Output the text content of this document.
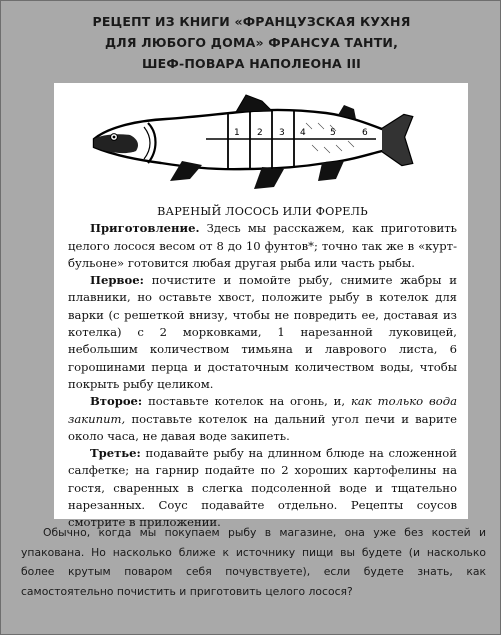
РЕЦЕПТ ИЗ КНИГИ «ФРАНЦУЗСКАЯ КУХНЯ
ДЛЯ ЛЮБОГО ДОМА» ФРАНСУА ТАНТИ,
ШЕФ-ПОВАРА НАПОЛЕОНА III
1 2 3 4	5	6

ВАРЕНЫЙ ЛОСОСЬ ИЛИ ФОРЕЛЬ

Приготовление. Здесь мы расскажем, как приготовить целого лосося весом от 8 до 10 фунтов*; точно так же в «курт-бульоне» готовится любая другая рыба или часть рыбы.

Первое: почистите и помойте рыбу, снимите жабры и плавники, но оставьте хвост, положите рыбу в котелок для варки (с решеткой внизу, чтобы не повредить ее, доставая из котелка) с 2 морковками, 1 нарезанной луковицей, небольшим количеством тимьяна и лаврового листа, 6 горошинами перца и достаточным количеством воды, чтобы покрыть рыбу целиком.

Второе: поставьте котелок на огонь, и, как только вода закипит, поставьте котелок на дальний угол печи и варите около часа, не давая воде закипеть.

Третье: подавайте рыбу на длинном блюде на сложенной салфетке; на гарнир подайте по 2 хороших картофелины на гостя, сваренных в слегка подсоленной воде и тщательно нарезанных. Соус подавайте отдельно. Рецепты соусов смотрите в приложении.

Обычно, когда мы покупаем рыбу в магазине, она уже без костей и упакована. Но насколько ближе к источнику пищи вы будете (и насколько более крутым поваром себя почувствуете), если будете знать, как самостоятельно почистить и приготовить целого лосося?
